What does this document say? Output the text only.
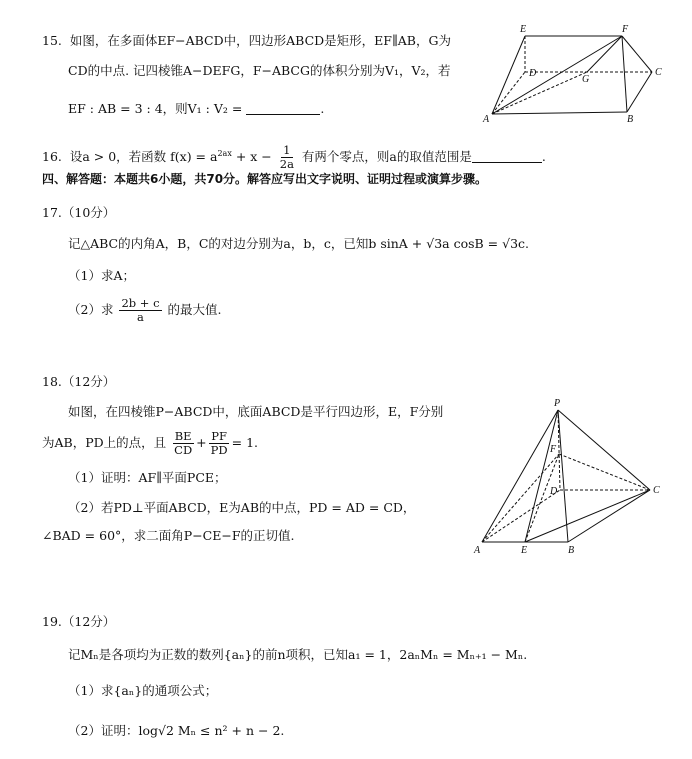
15. 如图，在多面体EF−ABCD中，四边形ABCD是矩形，EF∥AB，G为
CD的中点. 记四棱锥A−DEFG，F−ABCG的体积分别为V₁，V₂，若
EF : AB = 3 : 4，则V₁ : V₂ =	.
E	F
D
G
C
A	B
16. 设a > 0，若函数 $f(x) = a^{2ax} + x - \frac{1}{2a}$ 有两个零点，则a的取值范围是	.
四、解答题：本题共6小题，共70分。解答应写出文字说明、证明过程或演算步骤。
17.（10分）
记△ABC的内角A，B，C的对边分别为a，b，c，已知b sinA + √3a cosB = √3c.
（1）求A；
（2）求 $\frac{2b + c}{a}$ 的最大值.
18.（12分）
如图，在四棱锥P−ABCD中，底面ABCD是平行四边形，E，F分别
为AB，PD上的点，且 $\frac{BE}{CD} + \frac{PF}{PD} = 1$.
（1）证明：AF∥平面PCE；
（2）若PD⊥平面ABCD，E为AB的中点，PD = AD = CD，
∠BAD = 60°，求二面角P−CE−F的正切值.
P
F
D	C
A	E	B
19.（12分）
记Mₙ是各项均为正数的数列{aₙ}的前n项积，已知a₁ = 1，2aₙMₙ = Mₙ₊₁ − Mₙ.
（1）求{aₙ}的通项公式；
（2）证明：log√2 Mₙ ≤ n² + n − 2.
